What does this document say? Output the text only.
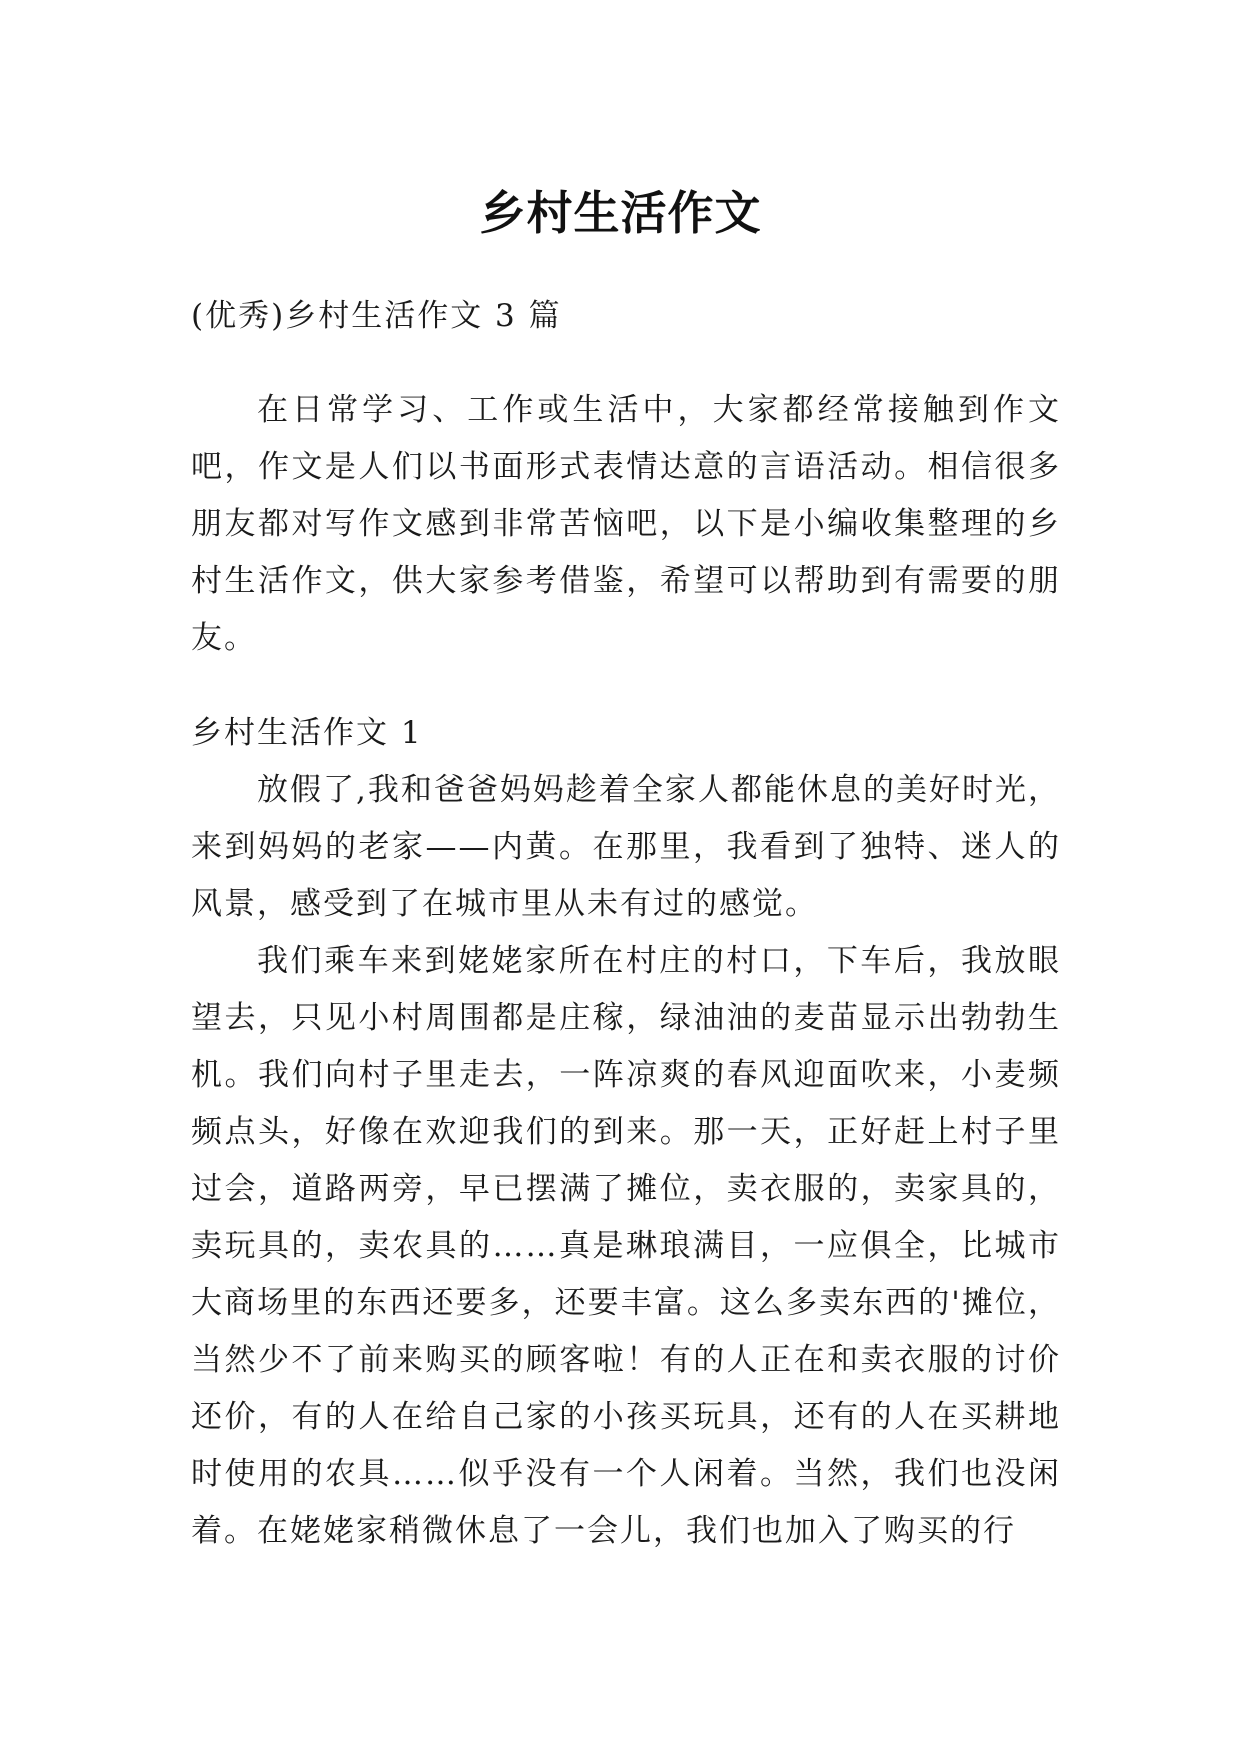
乡村生活作文

(优秀)乡村生活作文 3 篇

在日常学习、工作或生活中，大家都经常接触到作文吧，作文是人们以书面形式表情达意的言语活动。相信很多朋友都对写作文感到非常苦恼吧，以下是小编收集整理的乡村生活作文，供大家参考借鉴，希望可以帮助到有需要的朋友。

乡村生活作文 1

放假了,我和爸爸妈妈趁着全家人都能休息的美好时光，来到妈妈的老家——内黄。在那里，我看到了独特、迷人的风景，感受到了在城市里从未有过的感觉。

我们乘车来到姥姥家所在村庄的村口，下车后，我放眼望去，只见小村周围都是庄稼，绿油油的麦苗显示出勃勃生机。我们向村子里走去，一阵凉爽的春风迎面吹来，小麦频频点头，好像在欢迎我们的到来。那一天，正好赶上村子里过会，道路两旁，早已摆满了摊位，卖衣服的，卖家具的，卖玩具的，卖农具的……真是琳琅满目，一应俱全，比城市大商场里的东西还要多，还要丰富。这么多卖东西的'摊位，当然少不了前来购买的顾客啦！有的人正在和卖衣服的讨价还价，有的人在给自己家的小孩买玩具，还有的人在买耕地时使用的农具……似乎没有一个人闲着。当然，我们也没闲着。在姥姥家稍微休息了一会儿，我们也加入了购买的行
